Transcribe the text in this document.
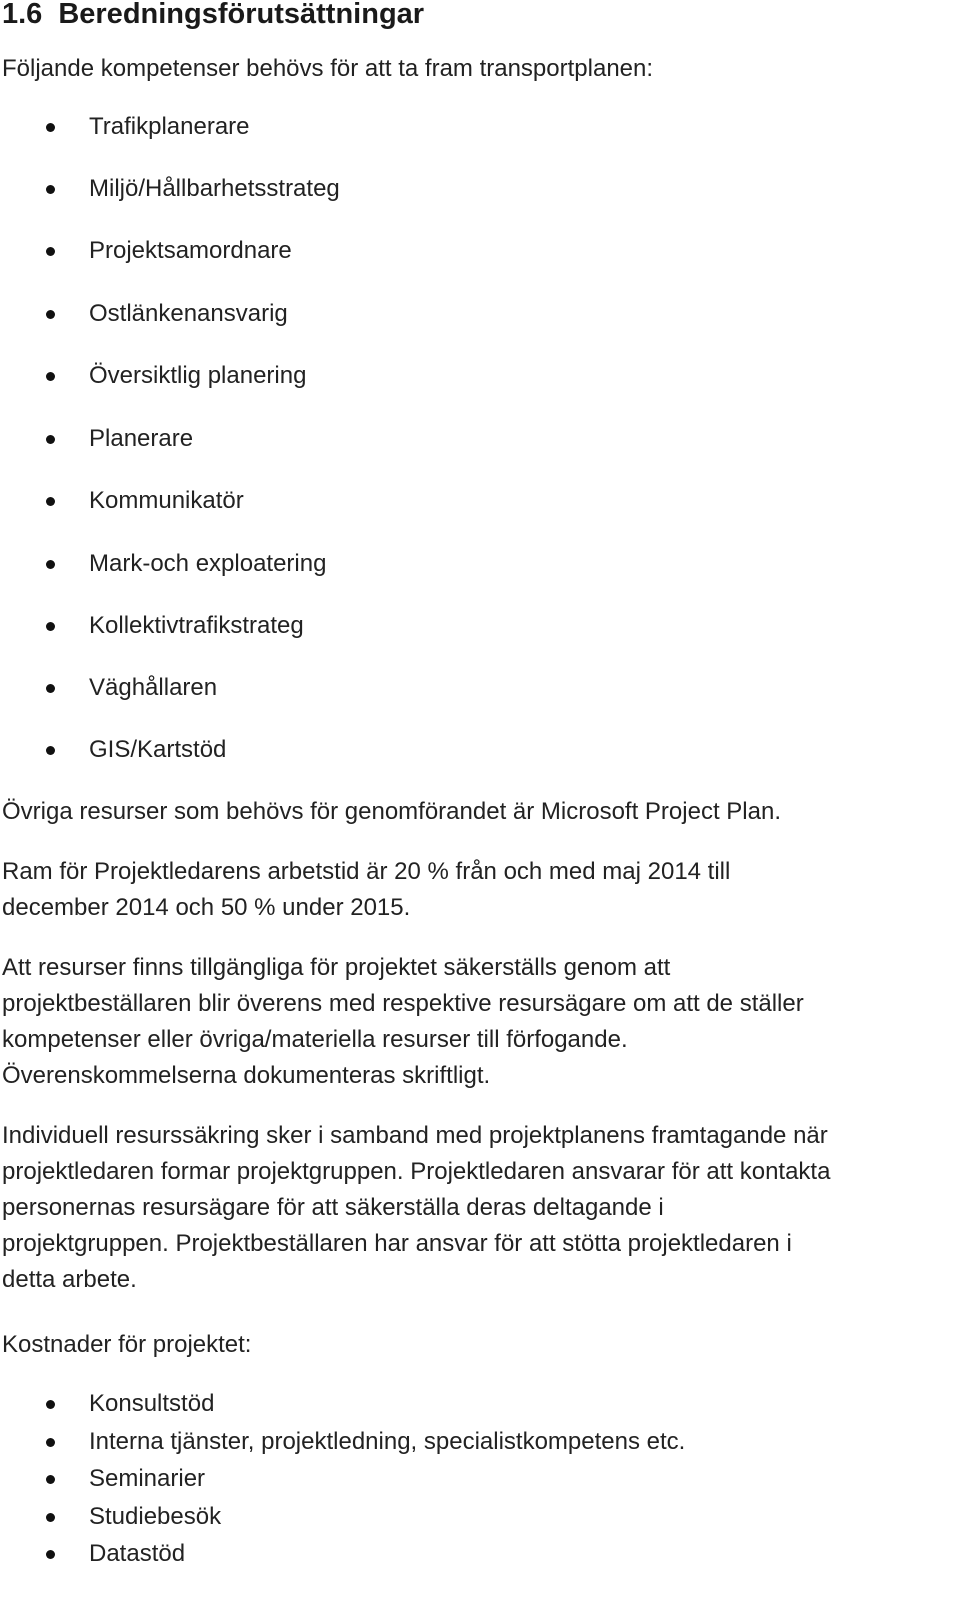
1.6 Beredningsförutsättningar

Följande kompetenser behövs för att ta fram transportplanen:

Trafikplanerare
Miljö/Hållbarhetsstrateg
Projektsamordnare
Ostlänkenansvarig
Översiktlig planering
Planerare
Kommunikatör
Mark-och exploatering
Kollektivtrafikstrateg
Väghållaren
GIS/Kartstöd

Övriga resurser som behövs för genomförandet är Microsoft Project Plan.

Ram för Projektledarens arbetstid är 20 % från och med maj 2014 till

december 2014 och 50 % under 2015.

Att resurser finns tillgängliga för projektet säkerställs genom att

projektbeställaren blir överens med respektive resursägare om att de ställer

kompetenser eller övriga/materiella resurser till förfogande.

Överenskommelserna dokumenteras skriftligt.

Individuell resurssäkring sker i samband med projektplanens framtagande när

projektledaren formar projektgruppen. Projektledaren ansvarar för att kontakta

personernas resursägare för att säkerställa deras deltagande i

projektgruppen. Projektbeställaren har ansvar för att stötta projektledaren i

detta arbete.

Kostnader för projektet:

Konsultstöd
Interna tjänster, projektledning, specialistkompetens etc.
Seminarier
Studiebesök
Datastöd
